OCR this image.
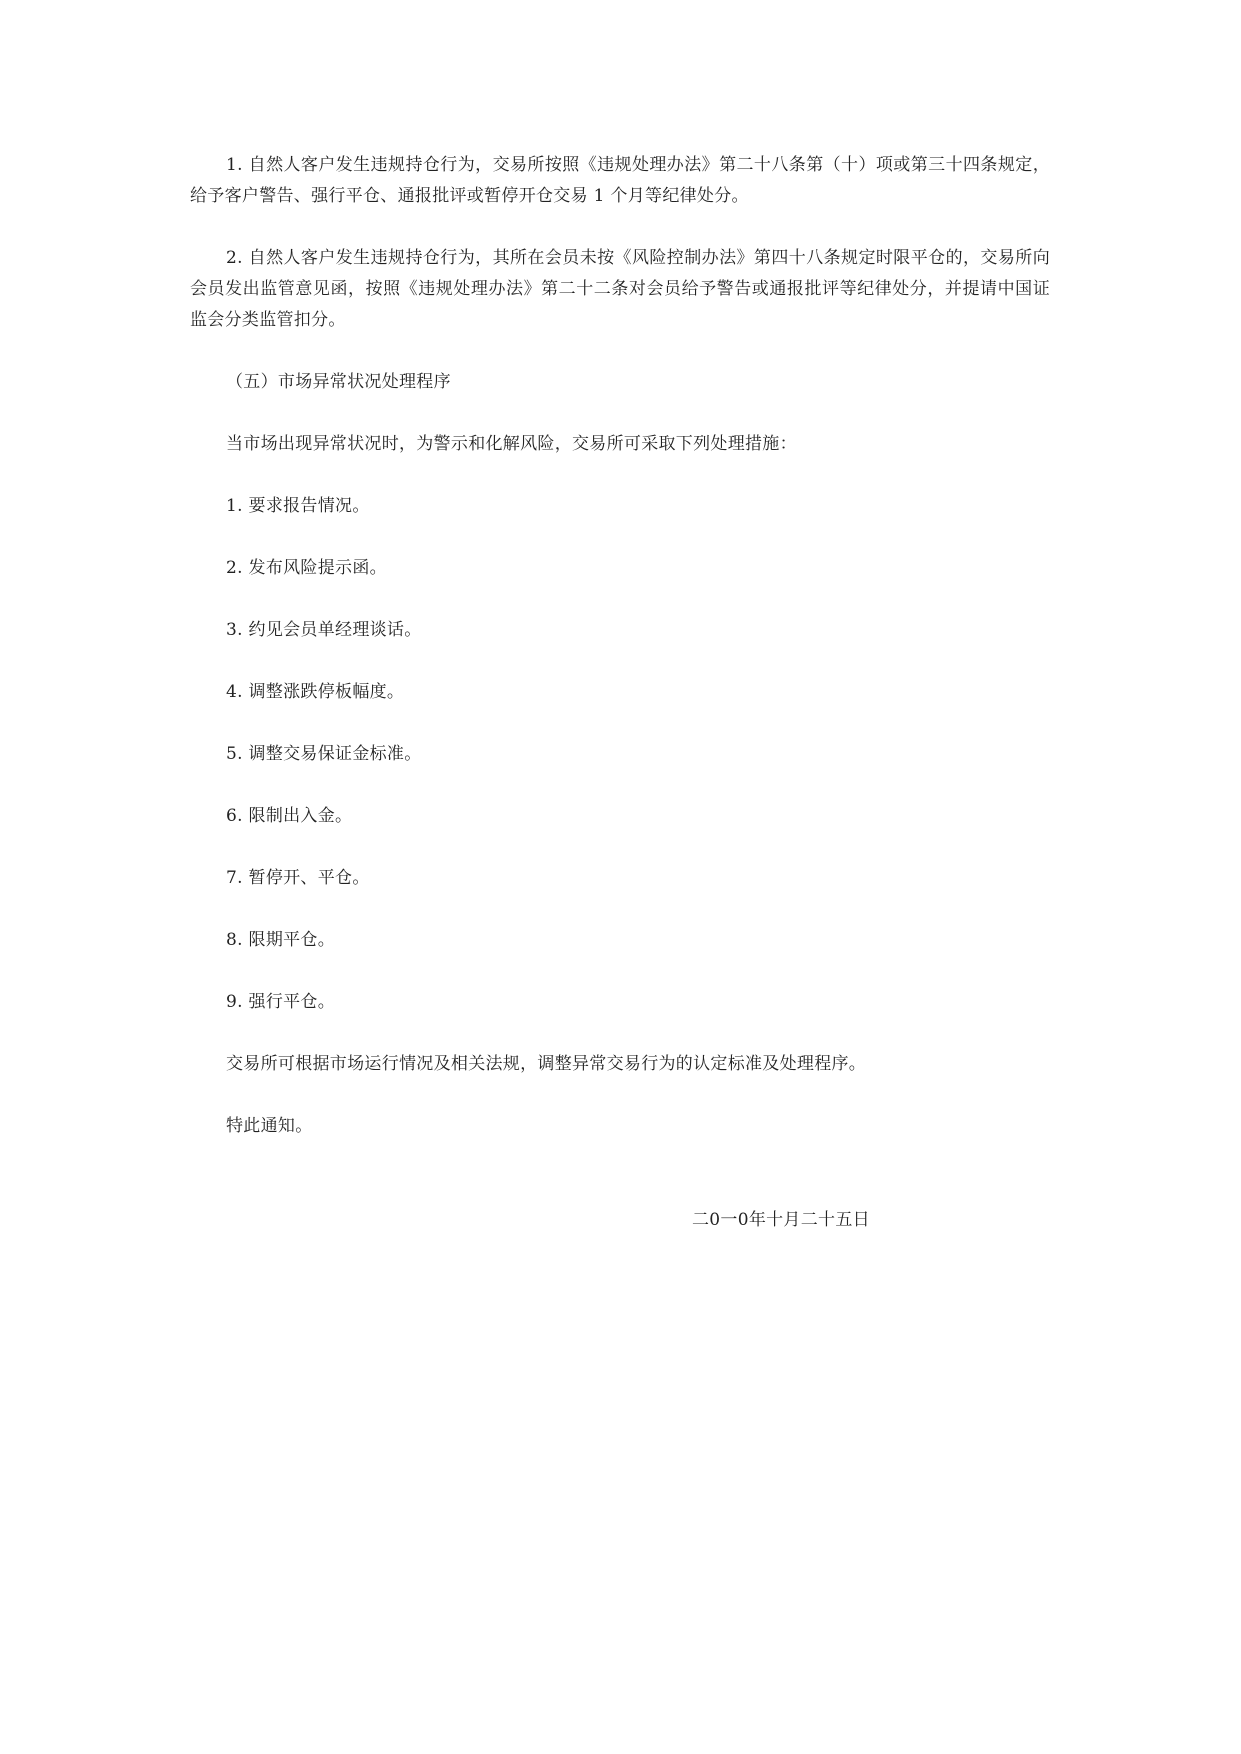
1. 自然人客户发生违规持仓行为，交易所按照《违规处理办法》第二十八条第（十）项或第三十四条规定，给予客户警告、强行平仓、通报批评或暂停开仓交易 1 个月等纪律处分。

2. 自然人客户发生违规持仓行为，其所在会员未按《风险控制办法》第四十八条规定时限平仓的，交易所向会员发出监管意见函，按照《违规处理办法》第二十二条对会员给予警告或通报批评等纪律处分，并提请中国证监会分类监管扣分。

（五）市场异常状况处理程序

当市场出现异常状况时，为警示和化解风险，交易所可采取下列处理措施：

1. 要求报告情况。

2. 发布风险提示函。

3. 约见会员单经理谈话。

4. 调整涨跌停板幅度。

5. 调整交易保证金标准。

6. 限制出入金。

7. 暂停开、平仓。

8. 限期平仓。

9. 强行平仓。

交易所可根据市场运行情况及相关法规，调整异常交易行为的认定标准及处理程序。

特此通知。

二0一0年十月二十五日
